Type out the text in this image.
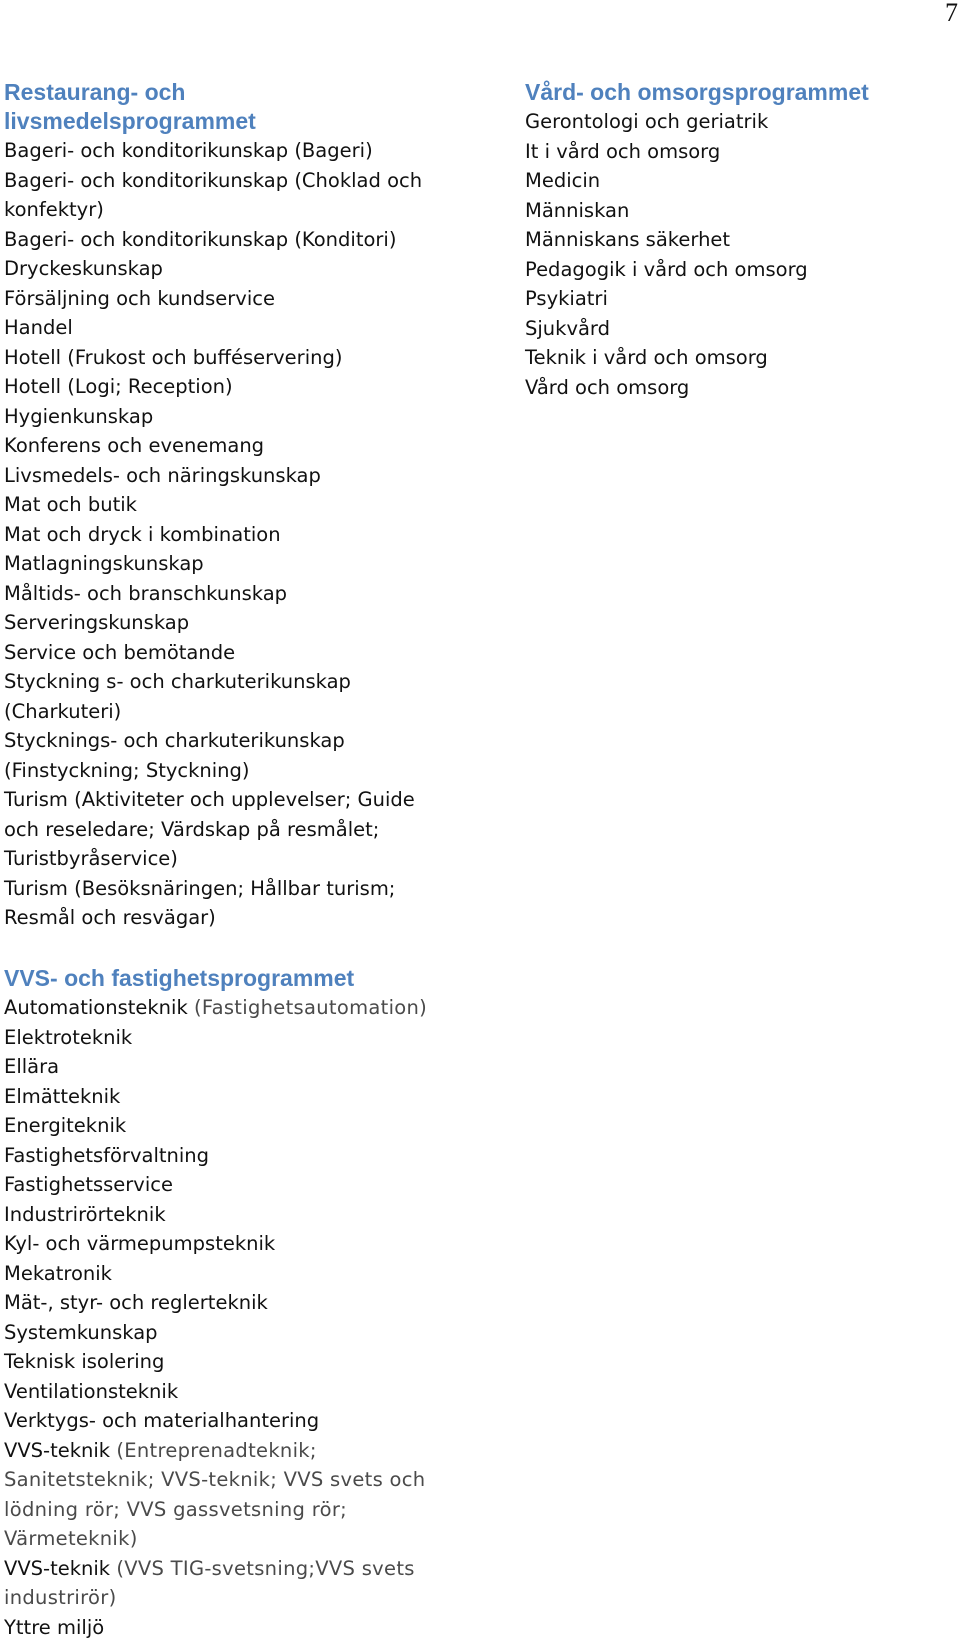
7
Restaurang- och
livsmedelsprogrammet
Bageri- och konditorikunskap (Bageri)
Bageri- och konditorikunskap (Choklad och konfektyr)
Bageri- och konditorikunskap (Konditori)
Dryckeskunskap
Försäljning och kundservice
Handel
Hotell (Frukost och bufféservering)
Hotell (Logi; Reception)
Hygienkunskap
Konferens och evenemang
Livsmedels- och näringskunskap
Mat och butik
Mat och dryck i kombination
Matlagningskunskap
Måltids- och branschkunskap
Serveringskunskap
Service och bemötande
Styckning s- och charkuterikunskap (Charkuteri)
Stycknings- och charkuterikunskap (Finstyckning; Styckning)
Turism (Aktiviteter och upplevelser; Guide och reseledare; Värdskap på resmålet; Turistbyråservice)
Turism (Besöksnäringen; Hållbar turism; Resmål och resvägar)
Vård- och omsorgsprogrammet
Gerontologi och geriatrik
It i vård och omsorg
Medicin
Människan
Människans säkerhet
Pedagogik i vård och omsorg
Psykiatri
Sjukvård
Teknik i vård och omsorg
Vård och omsorg
VVS- och fastighetsprogrammet
Automationsteknik (Fastighetsautomation)
Elektroteknik
Ellära
Elmätteknik
Energiteknik
Fastighetsförvaltning
Fastighetsservice
Industrirörteknik
Kyl- och värmepumpsteknik
Mekatronik
Mät-, styr- och reglerteknik
Systemkunskap
Teknisk isolering
Ventilationsteknik
Verktygs- och materialhantering
VVS-teknik (Entreprenadteknik; Sanitetsteknik; VVS-teknik; VVS svets och lödning rör; VVS gassvetsning rör; Värmeteknik)
VVS-teknik (VVS TIG-svetsning;VVS svets industrirör)
Yttre miljö
